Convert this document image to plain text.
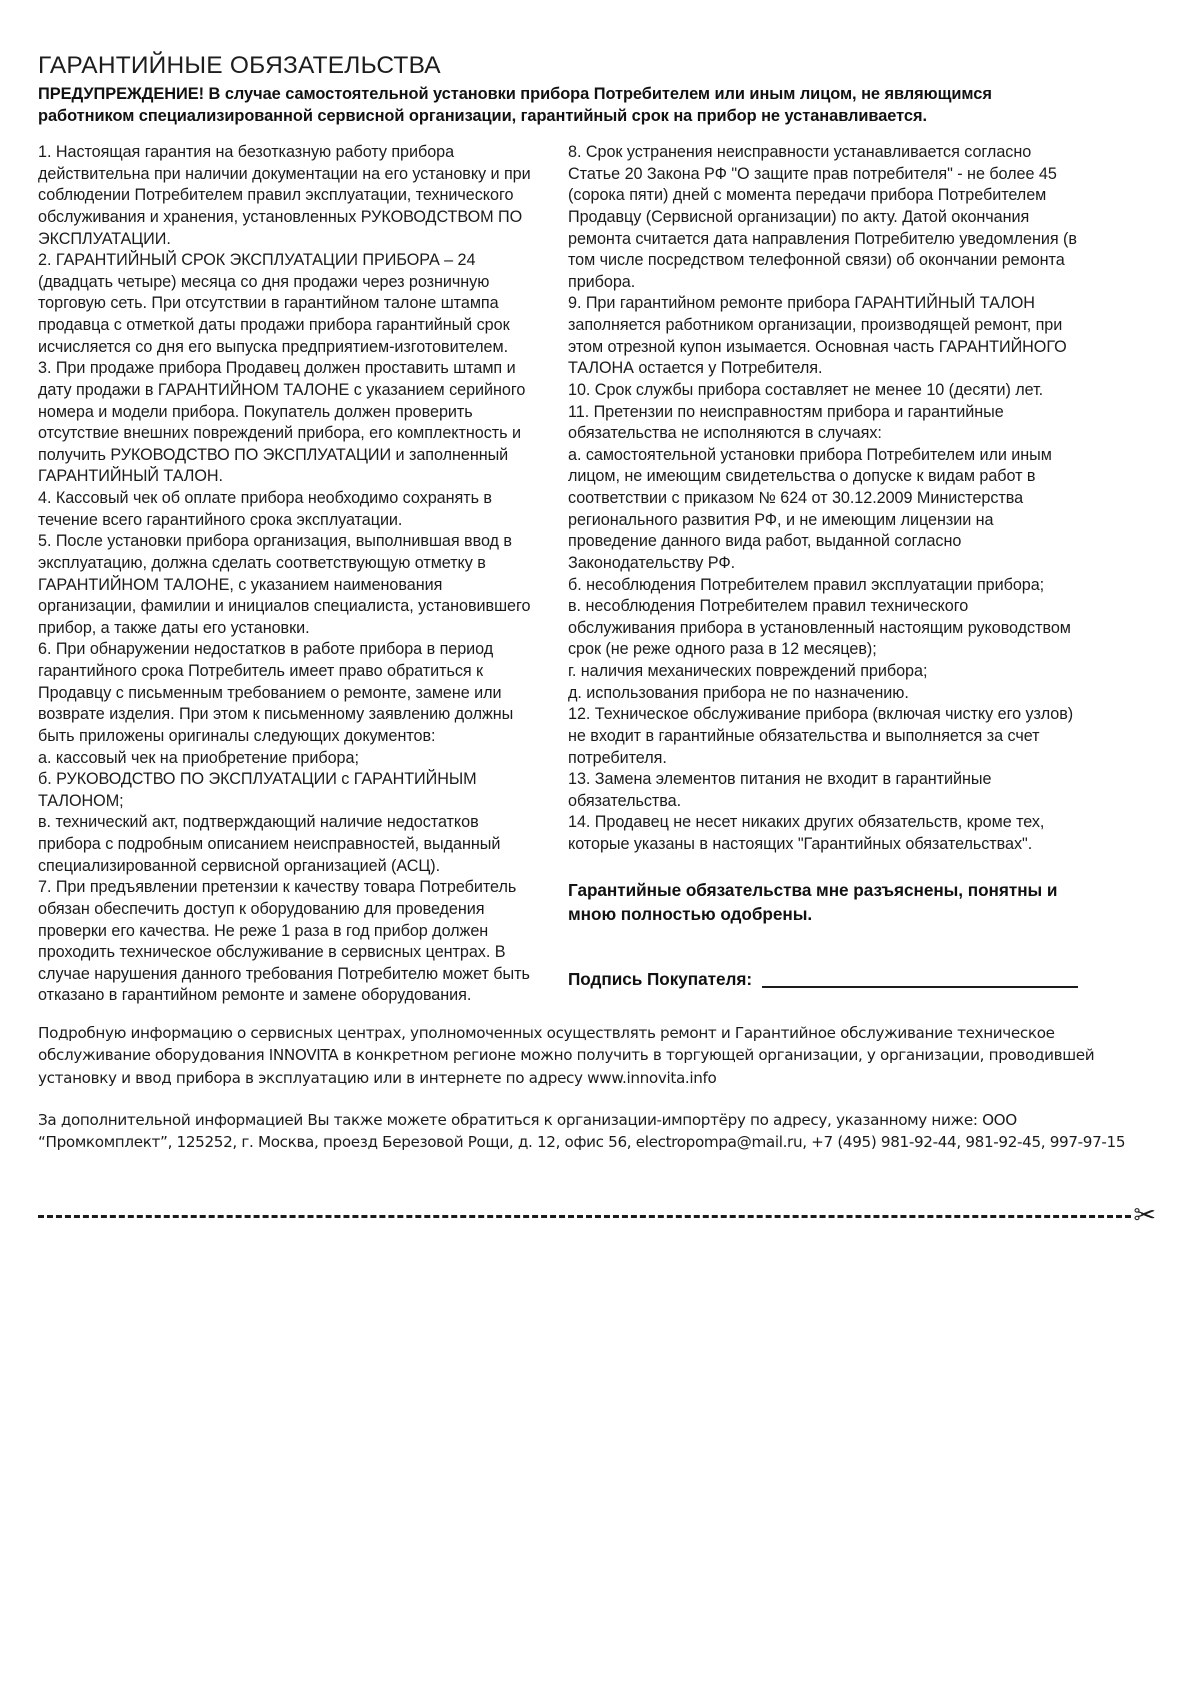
ГАРАНТИЙНЫЕ ОБЯЗАТЕЛЬСТВА
ПРЕДУПРЕЖДЕНИЕ! В случае самостоятельной установки прибора Потребителем или иным лицом, не являющимся работником специализированной сервисной организации, гарантийный срок на прибор не устанавливается.

1. Настоящая гарантия на безотказную работу прибора действительна при наличии документации на его установку и при соблюдении Потребителем правил эксплуатации, технического обслуживания и хранения, установленных РУКОВОДСТВОМ ПО ЭКСПЛУАТАЦИИ.

2. ГАРАНТИЙНЫЙ СРОК ЭКСПЛУАТАЦИИ ПРИБОРА – 24 (двадцать четыре) месяца со дня продажи через розничную торговую сеть. При отсутствии в гарантийном талоне штампа продавца с отметкой даты продажи прибора гарантийный срок исчисляется со дня его выпуска предприятием-изготовителем.

3. При продаже прибора Продавец должен проставить штамп и дату продажи в ГАРАНТИЙНОМ ТАЛОНЕ с указанием серийного номера и модели прибора. Покупатель должен проверить отсутствие внешних повреждений прибора, его комплектность и получить РУКОВОДСТВО ПО ЭКСПЛУАТАЦИИ и заполненный ГАРАНТИЙНЫЙ ТАЛОН.

4. Кассовый чек об оплате прибора необходимо сохранять в течение всего гарантийного срока эксплуатации.

5. После установки прибора организация, выполнившая ввод в эксплуатацию, должна сделать соответствующую отметку в ГАРАНТИЙНОМ ТАЛОНЕ, с указанием наименования организации, фамилии и инициалов специалиста, установившего прибор, а также даты его установки.

6. При обнаружении недостатков в работе прибора в период гарантийного срока Потребитель имеет право обратиться к Продавцу с письменным требованием о ремонте, замене или возврате изделия. При этом к письменному заявлению должны быть приложены оригиналы следующих документов:

а. кассовый чек на приобретение прибора;

б. РУКОВОДСТВО ПО ЭКСПЛУАТАЦИИ с ГАРАНТИЙНЫМ ТАЛОНОМ;

в. технический акт, подтверждающий наличие недостатков прибора с подробным описанием неисправностей, выданный специализированной сервисной организацией (АСЦ).

7. При предъявлении претензии к качеству товара Потребитель обязан обеспечить доступ к оборудованию для проведения проверки его качества. Не реже 1 раза в год прибор должен проходить техническое обслуживание в сервисных центрах. В случае нарушения данного требования Потребителю может быть отказано в гарантийном ремонте и замене оборудования.

8. Срок устранения неисправности устанавливается согласно Статье 20 Закона РФ "О защите прав потребителя" - не более 45 (сорока пяти) дней с момента передачи прибора Потребителем Продавцу (Сервисной организации) по акту. Датой окончания ремонта считается дата направления Потребителю уведомления (в том числе посредством телефонной связи) об окончании ремонта прибора.

9. При гарантийном ремонте прибора ГАРАНТИЙНЫЙ ТАЛОН заполняется работником организации, производящей ремонт, при этом отрезной купон изымается. Основная часть ГАРАНТИЙНОГО ТАЛОНА остается у Потребителя.

10. Срок службы прибора составляет не менее 10 (десяти) лет.

11. Претензии по неисправностям прибора и гарантийные обязательства не исполняются в случаях:

а. самостоятельной установки прибора Потребителем или иным лицом, не имеющим свидетельства о допуске к видам работ в соответствии с приказом № 624 от 30.12.2009 Министерства регионального развития РФ, и не имеющим лицензии на проведение данного вида работ, выданной согласно Законодательству РФ.

б. несоблюдения Потребителем правил эксплуатации прибора;

в. несоблюдения Потребителем правил технического обслуживания прибора в установленный настоящим руководством срок (не реже одного раза в 12 месяцев);

г. наличия механических повреждений прибора;

д. использования прибора не по назначению.

12. Техническое обслуживание прибора (включая чистку его узлов) не входит в гарантийные обязательства и выполняется за счет потребителя.

13. Замена элементов питания не входит в гарантийные обязательства.

14. Продавец не несет никаких других обязательств, кроме тех, которые указаны в настоящих "Гарантийных обязательствах".

Гарантийные обязательства мне разъяснены, понятны и мною полностью одобрены.
Подпись Покупателя:

Подробную информацию о сервисных центрах, уполномоченных осуществлять ремонт и Гарантийное обслуживание техническое обслуживание оборудования INNOVITA в конкретном регионе можно получить в торгующей организации, у организации, проводившей установку и ввод прибора в эксплуатацию или в интернете по адресу www.innovita.info

За дополнительной информацией Вы также можете обратиться к организации-импортёру по адресу, указанному ниже: ООО “Промкомплект”, 125252, г. Москва, проезд Березовой Рощи, д. 12, офис 56, electropompa@mail.ru, +7 (495) 981-92-44, 981-92-45, 997-97-15

✂
